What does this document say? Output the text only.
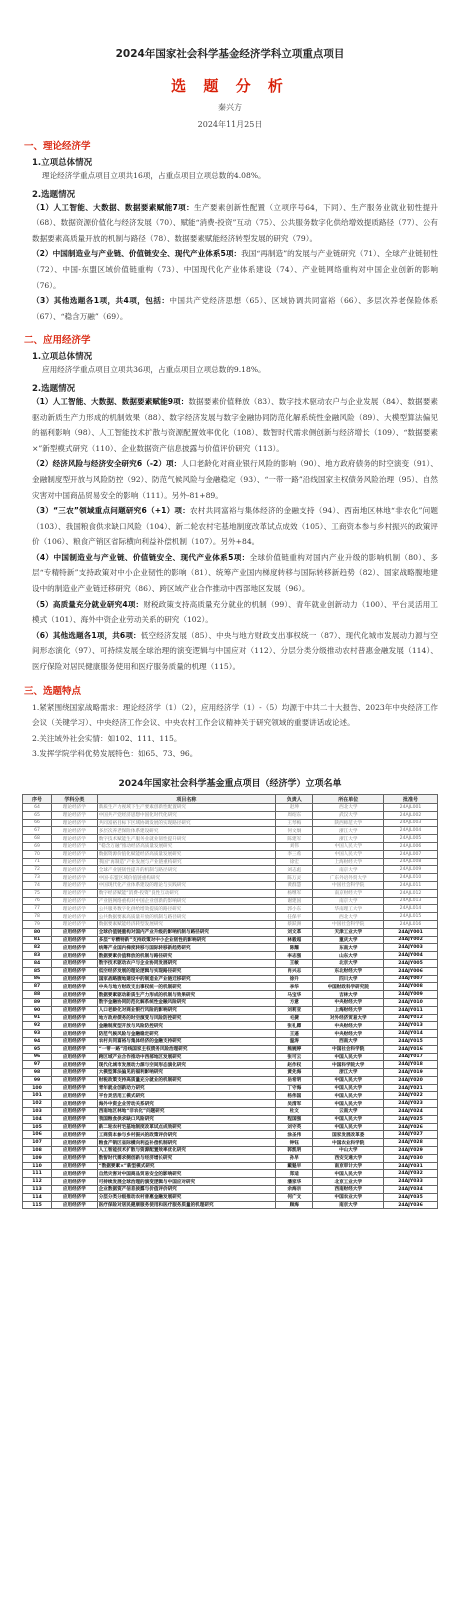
2024年国家社会科学基金经济学科立项重点项目
选 题 分 析
秦兴方
2024年11月25日
一、理论经济学
1.立项总体情况
理论经济学重点项目立项共16项，占重点项目立项总数的4.08%。
2.选题情况
（1）人工智能、大数据、数据要素赋能7项：生产要素创新性配置（立项序号64，下同）、生产服务业就业韧性提升（68）、数据资源价值化与经济发展（70）、赋能“消费-投资”互动（75）、公共服务数字化供给增效提质路径（77）、公有数据要素高质量开放的机制与路径（78）、数据要素赋能经济转型发展的研究（79）。
（2）中国制造业与产业链、价值链安全、现代产业体系5项：我国“再制造”的发展与产业链研究（71）、全球产业链韧性（72）、中国-东盟区域价值链重构（73）、中国现代化产业体系建设（74）、产业链网络重构对中国企业创新的影响（76）。
（3）其他选题各1项，共4项，包括：中国共产党经济思想（65）、区域协调共同富裕（66）、多层次养老保险体系（67）、“稳含万融”（69）。
二、应用经济学
1.立项总体情况
应用经济学重点项目立项共36项，占重点项目立项总数的9.18%。
2.选题情况
（1）人工智能、大数据、数据要素赋能9项：数据要素价值释放（83）、数字技术驱动农户与企业发展（84）、数据要素驱动新质生产力形成的机制效果（88）、数字经济发展与数字金融协同防范化解系统性金融风险（89）、大模型算法偏见的福利影响（98）、人工智能技术扩散与资源配置效率优化（108）、数智时代需求侧创新与经济增长（109）、“数据要素×”新型模式研究（110）、企业数据资产信息披露与价值评价研究（113）。
（2）经济风险与经济安全研究6（-2）项：人口老龄化对商业银行风险的影响（90）、地方政府债务的时空演变（91）、金融制度型开放与风险防控（92）、防范气候风险与金融稳定（93）、“一带一路”沿线国家主权债务风险治理（95）、自然灾害对中国商品贸易安全的影响（111）。另外-81+89。
（3）“三农”领域重点问题研究6（+1）项：农村共同富裕与集体经济的金融支持（94）、西南地区林地“非农化”问题（103）、我国粮食供求缺口风险（104）、新二轮农村宅基地制度改革试点成效（105）、工商资本参与乡村振兴的政策评价（106）、粮食产销区省际横向利益补偿机制（107）。另外+84。
（4）中国制造业与产业链、价值链安全、现代产业体系5项：全球价值链重构对国内产业升级的影响机制（80）、多层“专精特新”支持政策对中小企业韧性的影响（81）、统筹产业国内梯度转移与国际转移新趋势（82）、国家战略腹地建设中的制造业产业链迁移研究（86）、跨区域产业合作推动中西部地区发展（96）。
（5）高质量充分就业研究4项：财税政策支持高质量充分就业的机制（99）、青年就业创新动力（100）、平台灵活用工模式（101）、海外中资企业劳动关系的研究（102）。
（6）其他选题各1项，共6项：低空经济发展（85）、中央与地方财政支出事权统一（87）、现代化城市发展动力源与空间形态演化（97）、可持续发展全球治理的演变逻辑与中国应对（112）、分层分类分级推动农村普惠金融发展（114）、医疗保险对居民健康服务使用和医疗服务质量的机理（115）。
三、选题特点
1.紧紧围绕国家战略需求：理论经济学（1）（2），应用经济学（1）-（5）均源于中共二十大报告、2023年中央经济工作会议（关键学习）、中央经济工作会议、中央农村工作会议精神关于研究领域的重要讲话或论述。
2.关注域外社会实情：如102、111、115。
3.发挥学院学科优势发展特色：如65、73、96。
2024年国家社会科学基金重点项目（经济学）立项名单
序号	学科分类	项目名称	负责人	所在单位	批准号
64	理论经济学	新质生产力视域下生产要素创新性配置研究	赵坤	西北大学	24AJL001
65	理论经济学	中国共产党经济思想中国化时代化研究	周绍东	武汉大学	24AJL002
66	理论经济学	共同富裕目标下区域协调发展的实现路径研究	王琴梅	陕西师范大学	24AJL003
67	理论经济学	多层次养老保险体系建设研究	何文炯	浙江大学	24AJL004
68	理论经济学	数字技术赋能生产服务业就业韧性提升研究	陈建军	浙江大学	24AJL005
69	理论经济学	“稳含万融”推动经济高质量发展研究	刘伟	中国人民大学	24AJL006
70	理论经济学	数据资源价值化赋能经济高质量发展研究	李三希	中国人民大学	24AJL007
71	理论经济学	我国“再制造”产业发展与产业链重构研究	徐宏	上海财经大学	24AJL008
72	理论经济学	全球产业链韧性提升的机制与路径研究	刘志彪	南京大学	24AJL009
73	理论经济学	中国-东盟区域价值链重构研究	陈万灵	广东外语外贸大学	24AJL010
74	理论经济学	中国现代化产业体系建设的理论与实践研究	黄群慧	中国社会科学院	24AJL011
75	理论经济学	数字经济赋能“消费-投资”良性互动研究	杨继军	南京财经大学	24AJL012
76	理论经济学	产业链网络重构对中国企业创新的影响研究	谢建国	南京大学	24AJL013
77	理论经济学	公共服务数字化供给增效提质的路径研究	郭小东	华南理工大学	24AJL014
78	理论经济学	公共数据要素高质量开放的机制与路径研究	任保平	西北大学	24AJL015
79	理论经济学	数据要素赋能经济转型发展研究	蔡跃洲	中国社会科学院	24AJL016
80	应用经济学	全球价值链重构对国内产业升级的影响机制与路径研究	刘文革	天津工业大学	24AJY001
81	应用经济学	多层“专精特新”支持政策对中小企业韧性的影响研究	林毅超	重庆大学	24AJY002
82	应用经济学	统筹产业国内梯度转移与国际转移新趋势研究	陈耀	东南大学	24AJY003
83	应用经济学	数据要素价值释放的机制与路径研究	李志强	山东大学	24AJY004
84	应用经济学	数字技术驱动农户与企业协同发展研究	王敏	北京大学	24AJY005
85	应用经济学	低空经济发展的理论逻辑与实现路径研究	肖兴志	东北财经大学	24AJY006
86	应用经济学	国家战略腹地建设中的制造业产业链迁移研究	徐升	四川大学	24AJY007
87	应用经济学	中央与地方财政支出事权统一的机制研究	李华	中国财政科学研究院	24AJY008
88	应用经济学	数据要素驱动新质生产力形成的机制与效果研究	马宝华	吉林大学	24AJY009
89	应用经济学	数字金融协同防范化解系统性金融风险研究	方意	中央财经大学	24AJY010
90	应用经济学	人口老龄化对商业银行风险的影响研究	刘莉亚	上海财经大学	24AJY011
91	应用经济学	地方政府债务的时空演变与风险防控研究	毛捷	对外经济贸易大学	24AJY012
92	应用经济学	金融制度型开放与风险防控研究	张礼卿	中央财经大学	24AJY013
93	应用经济学	防范气候风险与金融稳定研究	王遥	中央财经大学	24AJY014
94	应用经济学	农村共同富裕与集体经济的金融支持研究	温涛	西南大学	24AJY015
95	应用经济学	“一带一路”沿线国家主权债务风险治理研究	熊婉婷	中国社会科学院	24AJY016
96	应用经济学	跨区域产业合作推动中西部地区发展研究	张可云	中国人民大学	24AJY017
97	应用经济学	现代化城市发展动力源与空间形态演化研究	赵作权	中国科学院大学	24AJY018
98	应用经济学	大模型算法偏见的福利影响研究	黄先海	浙江大学	24AJY019
99	应用经济学	财税政策支持高质量充分就业的机制研究	岳希明	中国人民大学	24AJY020
100	应用经济学	青年就业创新动力研究	丁守海	中国人民大学	24AJY021
101	应用经济学	平台灵活用工模式研究	杨伟国	中国人民大学	24AJY022
102	应用经济学	海外中资企业劳动关系研究	吴清军	中国人民大学	24AJY023
103	应用经济学	西南地区林地“非农化”问题研究	杜文	云南大学	24AJY024
104	应用经济学	我国粮食供求缺口风险研究	程国强	中国人民大学	24AJY025
105	应用经济学	新二轮农村宅基地制度改革试点成效研究	刘守英	中国人民大学	24AJY026
106	应用经济学	工商资本参与乡村振兴的政策评价研究	涂圣伟	国家发展改革委	24AJY027
107	应用经济学	粮食产销区省际横向利益补偿机制研究	钟钰	中国农业科学院	24AJY028
108	应用经济学	人工智能技术扩散与资源配置效率优化研究	郭凯明	中山大学	24AJY029
109	应用经济学	数智时代需求侧创新与经济增长研究	孙早	西安交通大学	24AJY030
110	应用经济学	“数据要素×”新型模式研究	戴魁早	南京审计大学	24AJY031
111	应用经济学	自然灾害对中国商品贸易安全的影响研究	郑适	中国人民大学	24AJY032
112	应用经济学	可持续发展全球治理的演变逻辑与中国应对研究	潘家华	北京工业大学	24AJY033
113	应用经济学	企业数据资产信息披露与价值评价研究	余海宗	西南财经大学	24AJY034
114	应用经济学	分层分类分级推动农村普惠金融发展研究	何广文	中国农业大学	24AJY035
115	应用经济学	医疗保险对居民健康服务使用和医疗服务质量的机理研究	顾海	南京大学	24AJY036
